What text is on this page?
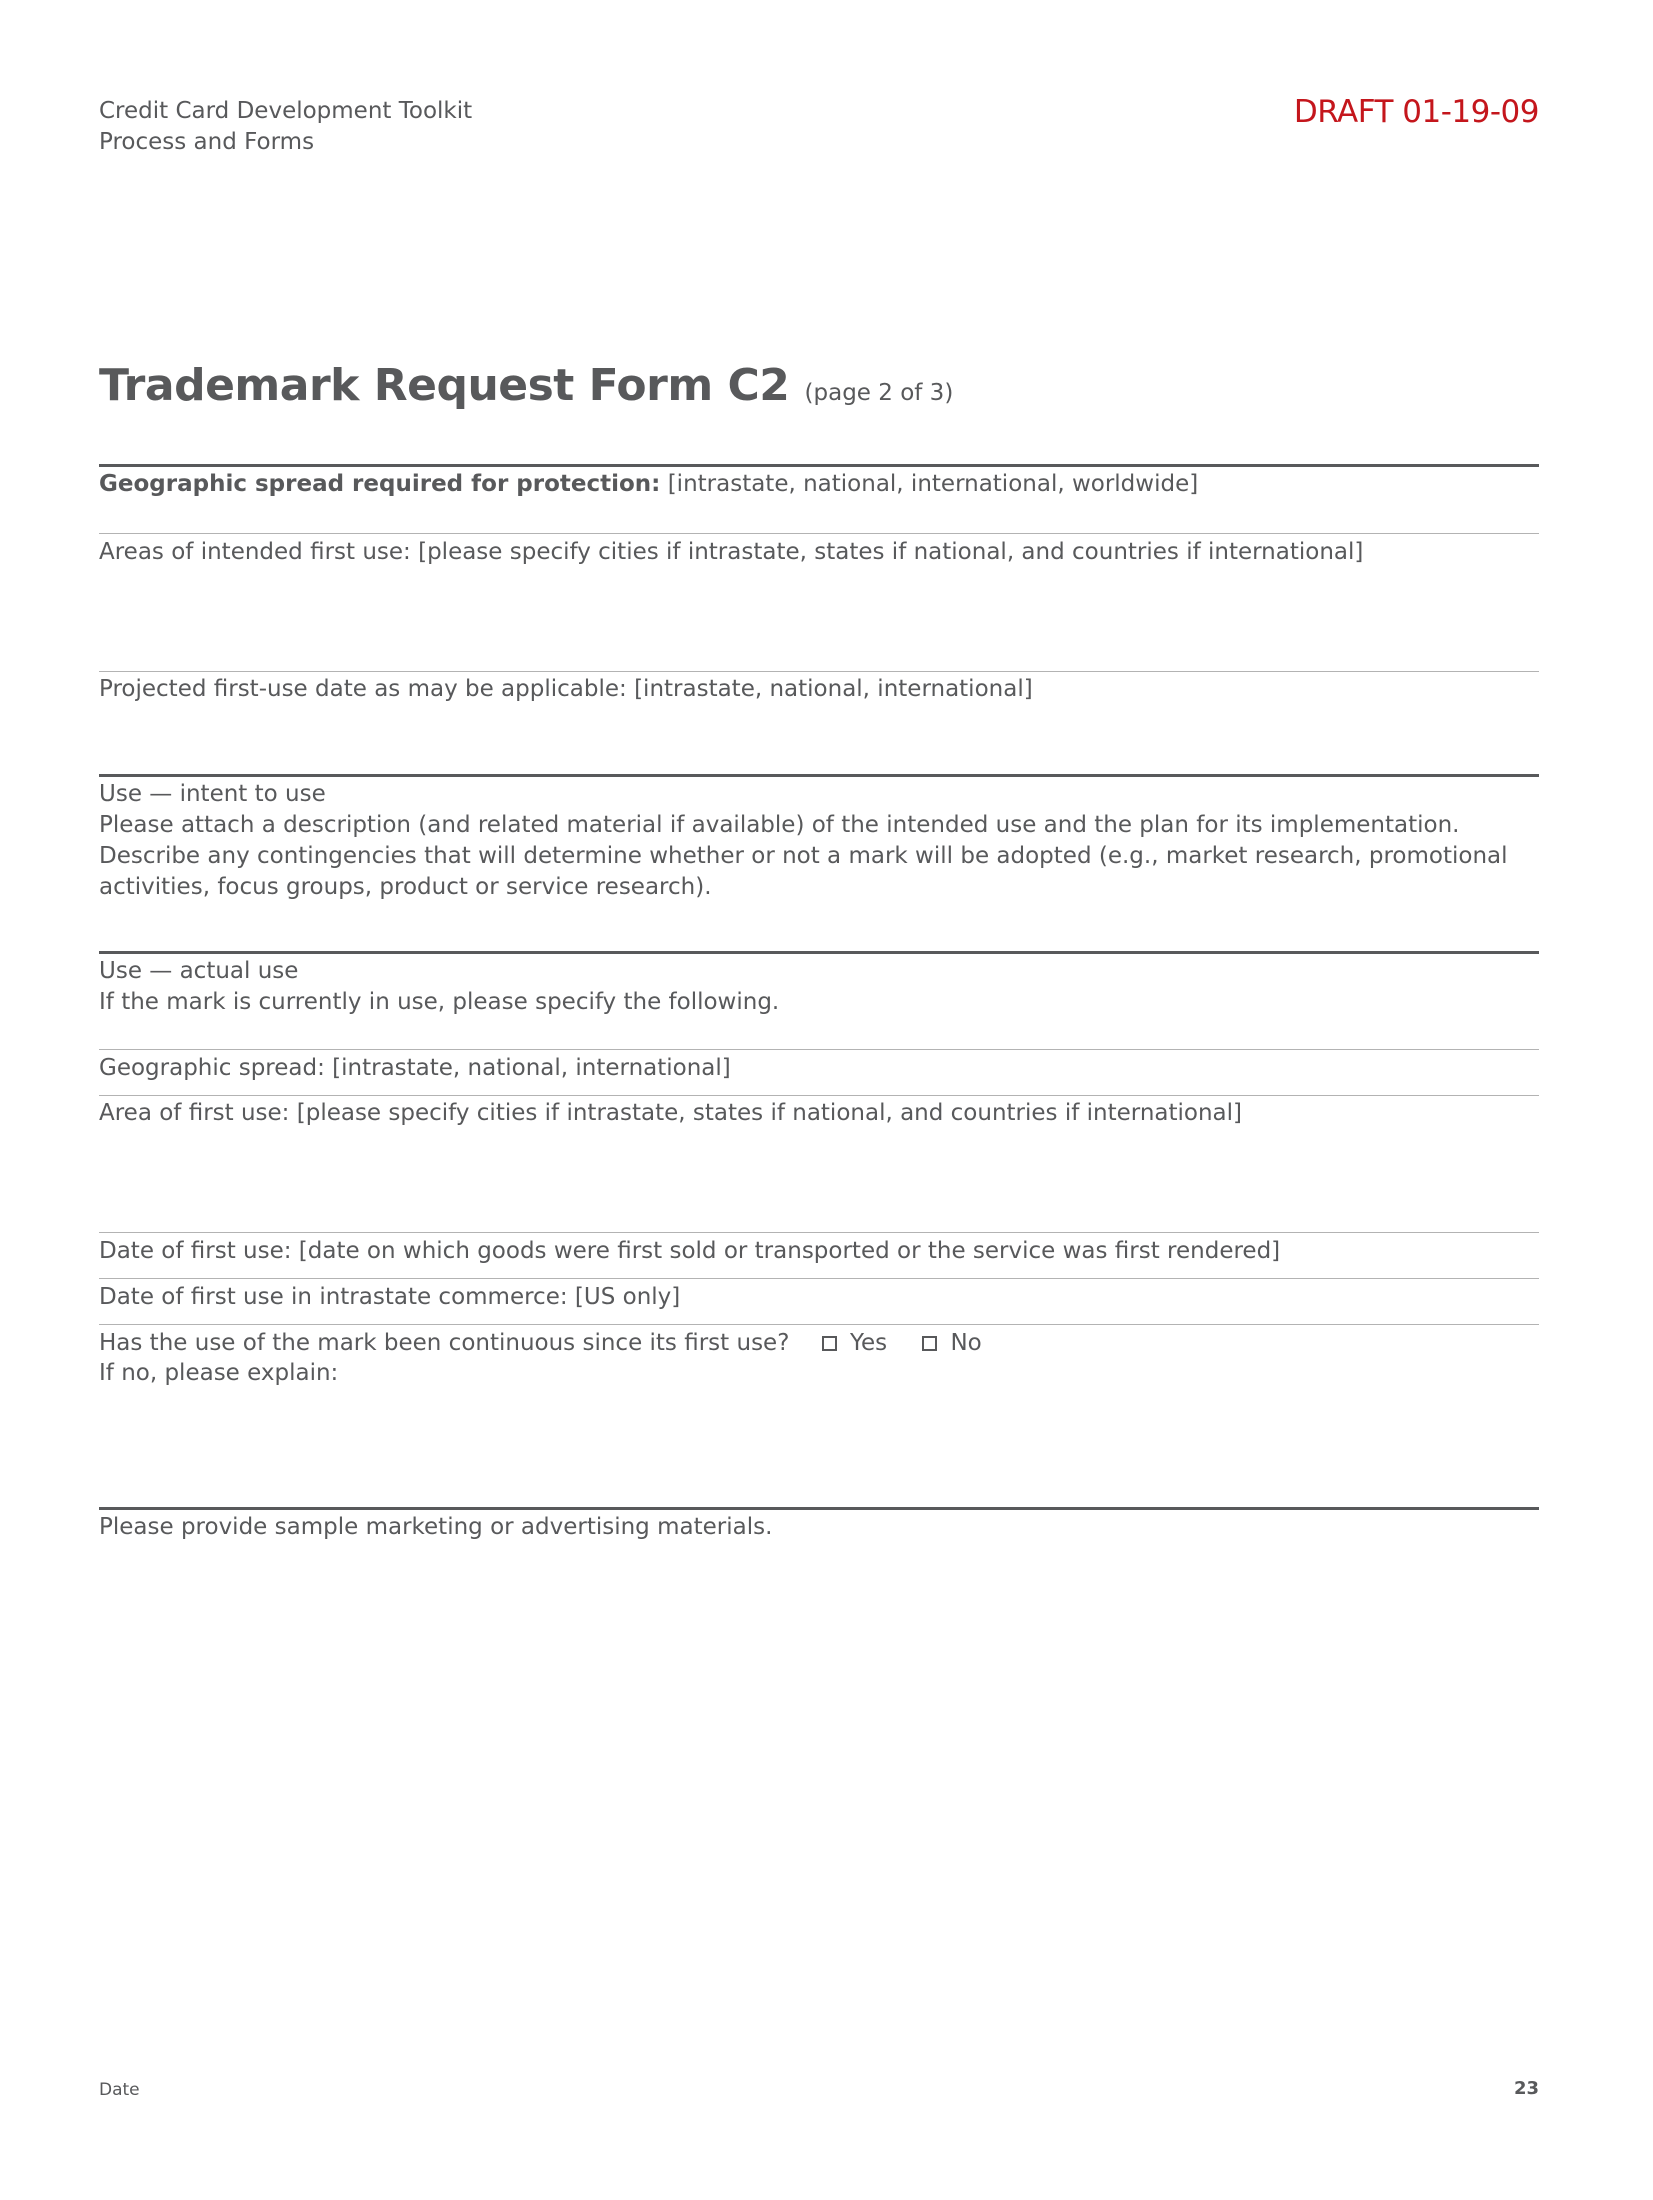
Credit Card Development Toolkit
Process and Forms
DRAFT 01-19-09
Trademark Request Form C2 (page 2 of 3)
Geographic spread required for protection: [intrastate, national, international, worldwide]
Areas of intended first use: [please specify cities if intrastate, states if national, and countries if international]
Projected first-use date as may be applicable: [intrastate, national, international]
Use — intent to use
Please attach a description (and related material if available) of the intended use and the plan for its implementation. Describe any contingencies that will determine whether or not a mark will be adopted (e.g., market research, promotional activities, focus groups, product or service research).
Use — actual use
If the mark is currently in use, please specify the following.
Geographic spread: [intrastate, national, international]
Area of first use: [please specify cities if intrastate, states if national, and countries if international]
Date of first use: [date on which goods were first sold or transported or the service was first rendered]
Date of first use in intrastate commerce: [US only]
Has the use of the mark been continuous since its first use?	Yes
	No
If no, please explain:
Please provide sample marketing or advertising materials.
Date	23
